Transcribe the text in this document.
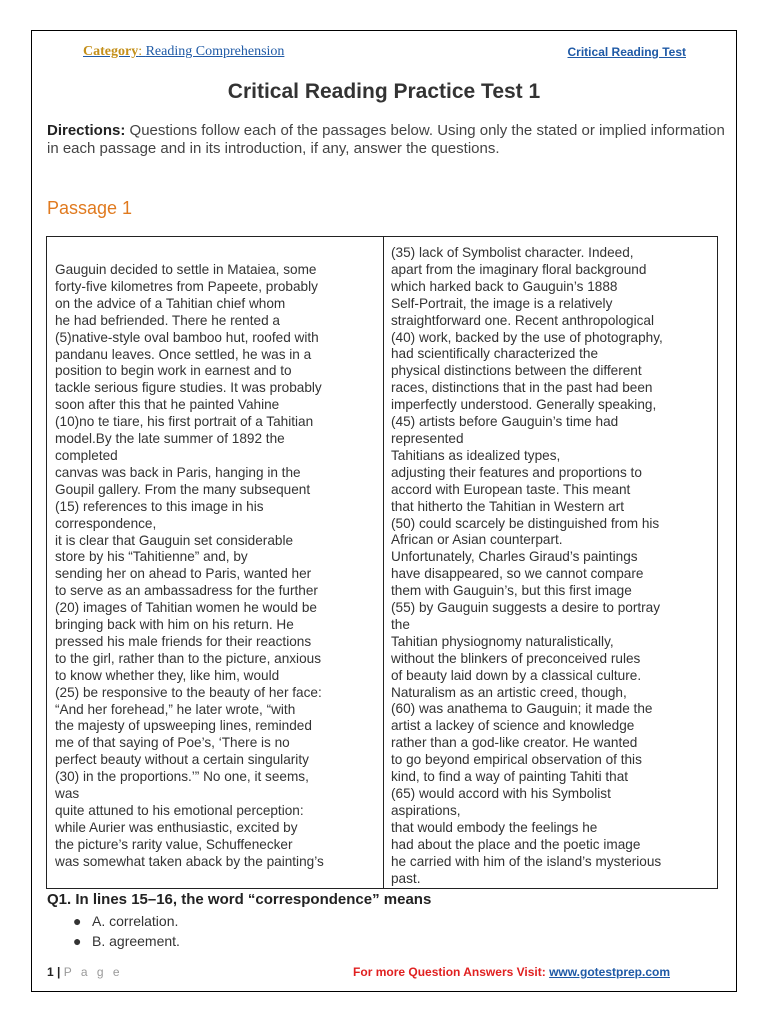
Category: Reading Comprehension	Critical Reading Test
Critical Reading Practice Test 1
Directions: Questions follow each of the passages below. Using only the stated or implied information in each passage and in its introduction, if any, answer the questions.
Passage 1
Gauguin decided to settle in Mataiea, some
forty-five kilometres from Papeete, probably
on the advice of a Tahitian chief whom
he had befriended. There he rented a
(5)native-style oval bamboo hut, roofed with
pandanu leaves. Once settled, he was in a
position to begin work in earnest and to
tackle serious figure studies. It was probably
soon after this that he painted Vahine
(10)no te tiare, his first portrait of a Tahitian
model.By the late summer of 1892 the
completed
canvas was back in Paris, hanging in the
Goupil gallery. From the many subsequent
(15) references to this image in his
correspondence,
it is clear that Gauguin set considerable
store by his “Tahitienne” and, by
sending her on ahead to Paris, wanted her
to serve as an ambassadress for the further
(20) images of Tahitian women he would be
bringing back with him on his return. He
pressed his male friends for their reactions
to the girl, rather than to the picture, anxious
to know whether they, like him, would
(25) be responsive to the beauty of her face:
“And her forehead,” he later wrote, “with
the majesty of upsweeping lines, reminded
me of that saying of Poe’s, ‘There is no
perfect beauty without a certain singularity
(30) in the proportions.’” No one, it seems,
was
quite attuned to his emotional perception:
while Aurier was enthusiastic, excited by
the picture’s rarity value, Schuffenecker
was somewhat taken aback by the painting’s
(35) lack of Symbolist character. Indeed,
apart from the imaginary floral background
which harked back to Gauguin’s 1888
Self-Portrait, the image is a relatively
straightforward one. Recent anthropological
(40) work, backed by the use of photography,
had scientifically characterized the
physical distinctions between the different
races, distinctions that in the past had been
imperfectly understood. Generally speaking,
(45) artists before Gauguin’s time had
represented
Tahitians as idealized types,
adjusting their features and proportions to
accord with European taste. This meant
that hitherto the Tahitian in Western art
(50) could scarcely be distinguished from his
African or Asian counterpart.
Unfortunately, Charles Giraud’s paintings
have disappeared, so we cannot compare
them with Gauguin’s, but this first image
(55) by Gauguin suggests a desire to portray
the
Tahitian physiognomy naturalistically,
without the blinkers of preconceived rules
of beauty laid down by a classical culture.
Naturalism as an artistic creed, though,
(60) was anathema to Gauguin; it made the
artist a lackey of science and knowledge
rather than a god-like creator. He wanted
to go beyond empirical observation of this
kind, to find a way of painting Tahiti that
(65) would accord with his Symbolist
aspirations,
that would embody the feelings he
had about the place and the poetic image
he carried with him of the island’s mysterious
past.
Q1. In lines 15–16, the word “correspondence” means
● A. correlation.
● B. agreement.
1 | P a g e	For more Question Answers Visit: www.gotestprep.com
